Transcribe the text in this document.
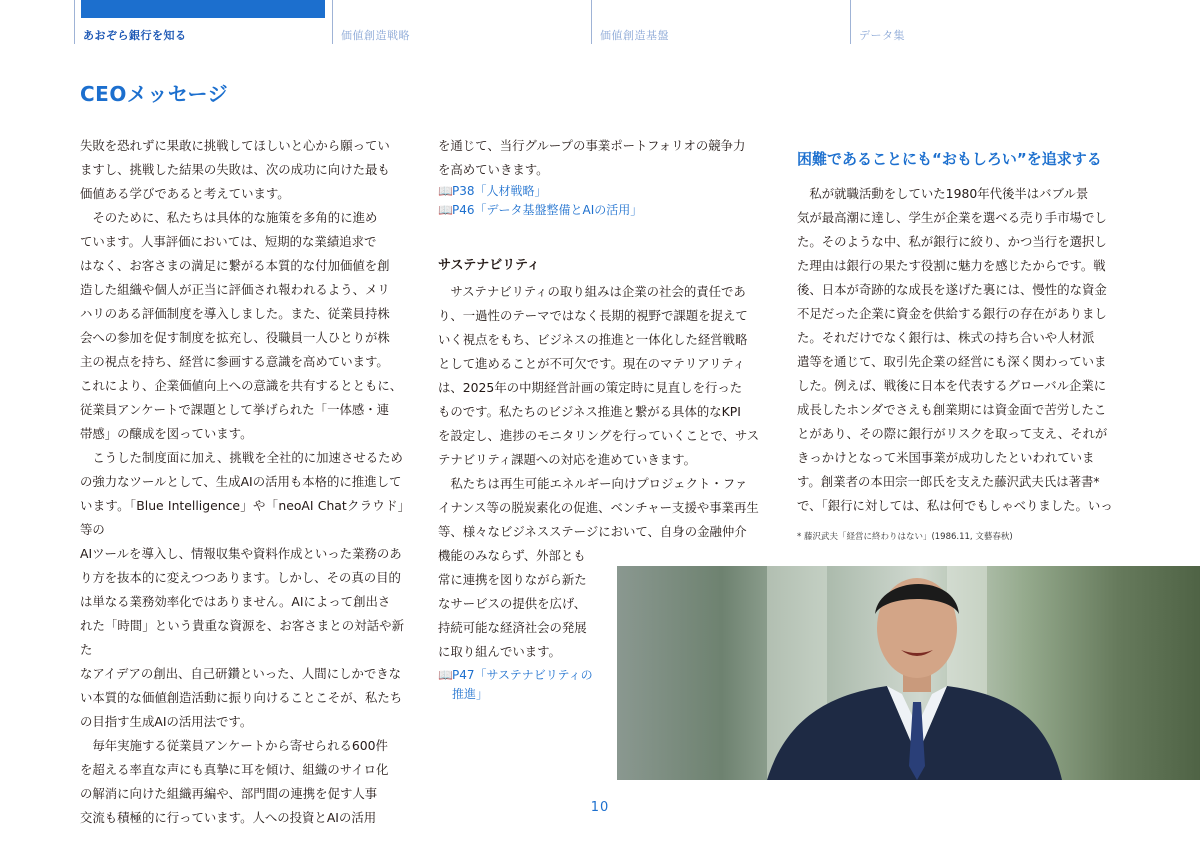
あおぞら銀行を知る	価値創造戦略	価値創造基盤	データ集
CEOメッセージ

失敗を恐れずに果敢に挑戦してほしいと心から願ってい

ますし、挑戦した結果の失敗は、次の成功に向けた最も

価値ある学びであると考えています。

そのために、私たちは具体的な施策を多角的に進め

ています。人事評価においては、短期的な業績追求で

はなく、お客さまの満足に繋がる本質的な付加価値を創

造した組織や個人が正当に評価され報われるよう、メリ

ハリのある評価制度を導入しました。また、従業員持株

会への参加を促す制度を拡充し、役職員一人ひとりが株

主の視点を持ち、経営に参画する意識を高めています。

これにより、企業価値向上への意識を共有するとともに、

従業員アンケートで課題として挙げられた「一体感・連

帯感」の醸成を図っています。

こうした制度面に加え、挑戦を全社的に加速させるため

の強力なツールとして、生成AIの活用も本格的に推進して

います。「Blue Intelligence」や「neoAI Chatクラウド」等の

AIツールを導入し、情報収集や資料作成といった業務のあ

り方を抜本的に変えつつあります。しかし、その真の目的

は単なる業務効率化ではありません。AIによって創出さ

れた「時間」という貴重な資源を、お客さまとの対話や新た

なアイデアの創出、自己研鑽といった、人間にしかできな

い本質的な価値創造活動に振り向けることこそが、私たち

の目指す生成AIの活用法です。

毎年実施する従業員アンケートから寄せられる600件

を超える率直な声にも真摯に耳を傾け、組織のサイロ化

の解消に向けた組織再編や、部門間の連携を促す人事

交流も積極的に行っています。人への投資とAIの活用

を通じて、当行グループの事業ポートフォリオの競争力

を高めていきます。

📖P38「人材戦略」
📖P46「データ基盤整備とAIの活用」
サステナビリティ

サステナビリティの取り組みは企業の社会的責任であ

り、一過性のテーマではなく長期的視野で課題を捉えて

いく視点をもち、ビジネスの推進と一体化した経営戦略

として進めることが不可欠です。現在のマテリアリティ

は、2025年の中期経営計画の策定時に見直しを行った

ものです。私たちのビジネス推進と繋がる具体的なKPI

を設定し、進捗のモニタリングを行っていくことで、サス

テナビリティ課題への対応を進めていきます。

私たちは再生可能エネルギー向けプロジェクト・ファ

イナンス等の脱炭素化の促進、ベンチャー支援や事業再生

等、様々なビジネスステージにおいて、自身の金融仲介

機能のみならず、外部とも

常に連携を図りながら新た

なサービスの提供を広げ、

持続可能な経済社会の発展

に取り組んでいます。

📖P47「サステナビリティの
推進」
困難であることにも“おもしろい”を追求する

私が就職活動をしていた1980年代後半はバブル景

気が最高潮に達し、学生が企業を選べる売り手市場でし

た。そのような中、私が銀行に絞り、かつ当行を選択し

た理由は銀行の果たす役割に魅力を感じたからです。戦

後、日本が奇跡的な成長を遂げた裏には、慢性的な資金

不足だった企業に資金を供給する銀行の存在がありまし

た。それだけでなく銀行は、株式の持ち合いや人材派

遣等を通じて、取引先企業の経営にも深く関わっていま

した。例えば、戦後に日本を代表するグローバル企業に

成長したホンダでさえも創業期には資金面で苦労したこ

とがあり、その際に銀行がリスクを取って支え、それが

きっかけとなって米国事業が成功したといわれていま

す。創業者の本田宗一郎氏を支えた藤沢武夫氏は著書*

で、「銀行に対しては、私は何でもしゃべりました。いっ

* 藤沢武夫「経営に終わりはない」(1986.11, 文藝春秋)
10
